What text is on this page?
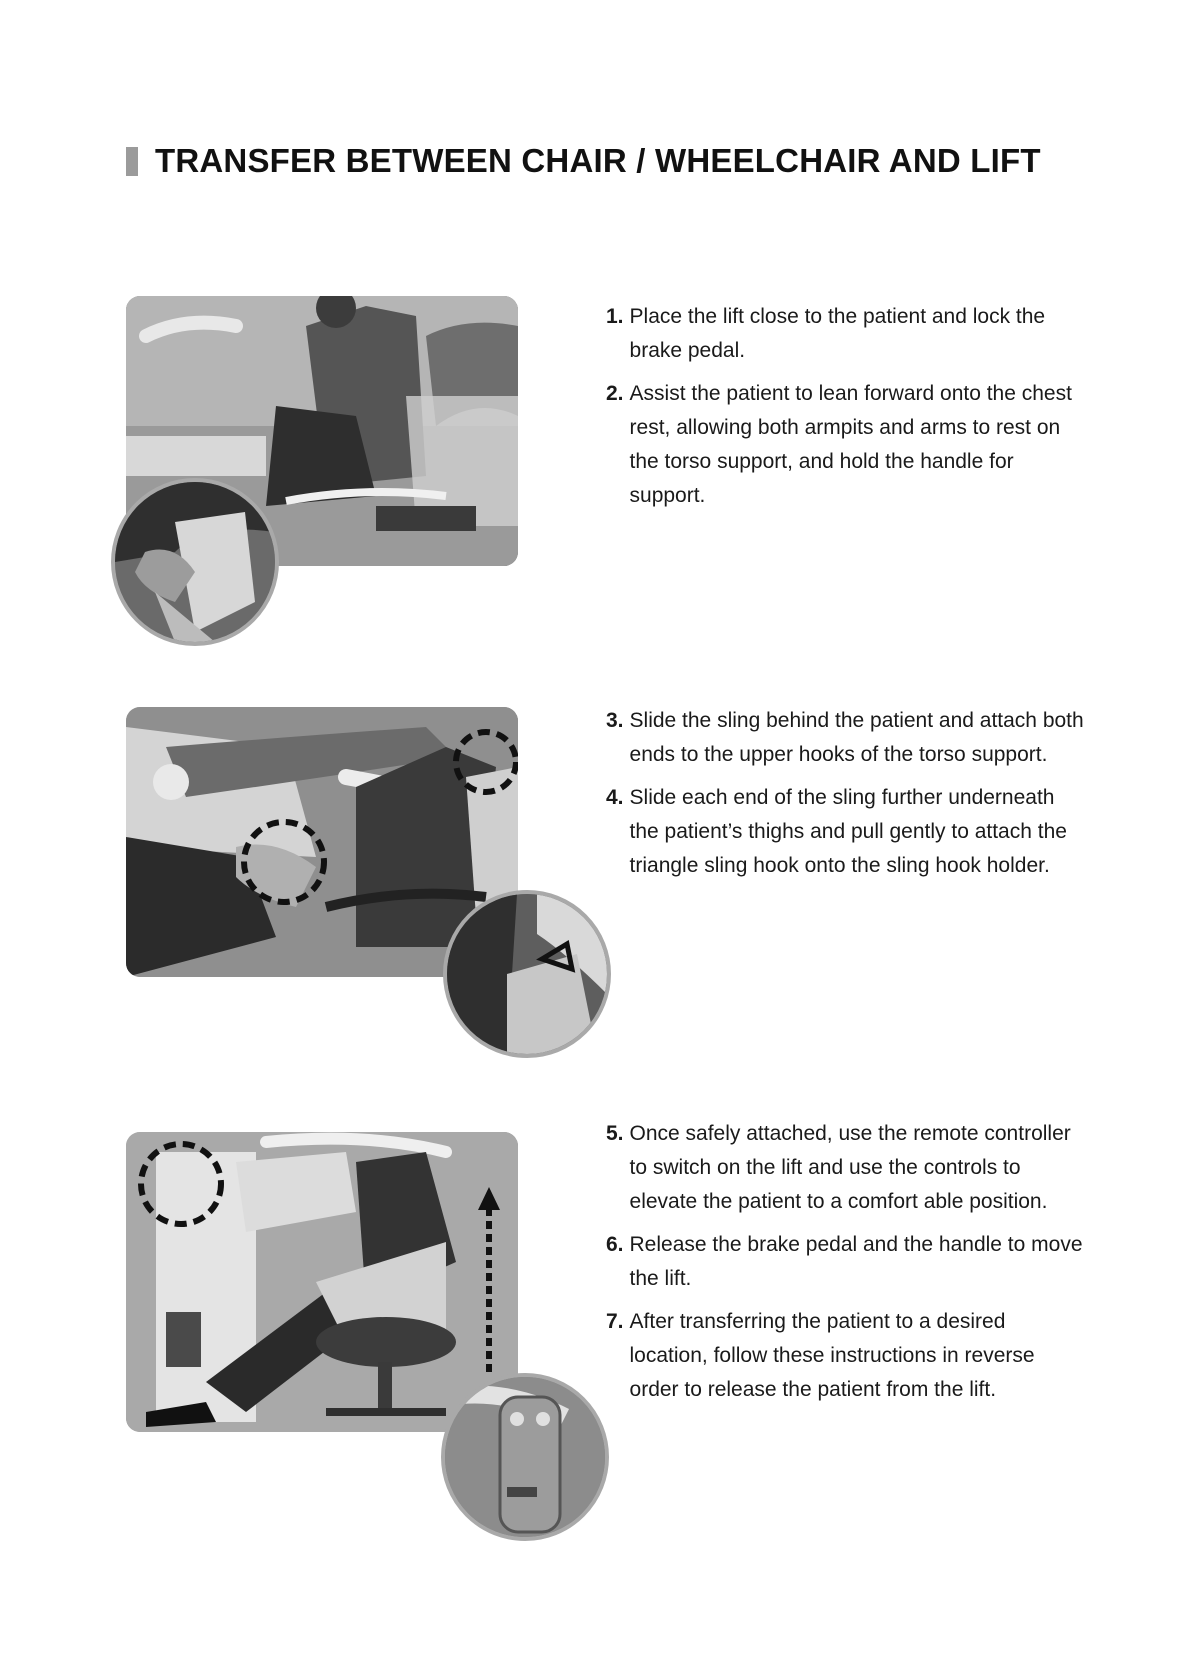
TRANSFER BETWEEN CHAIR / WHEELCHAIR AND LIFT
1. Place the lift close to the patient and lock the brake pedal.
2. Assist the patient to lean forward onto the chest rest, allowing both armpits and arms to rest on the torso support, and hold the handle for support.
3. Slide the sling behind the patient and attach both ends to the upper hooks of the torso support.
4. Slide each end of the sling further underneath the patient’s thighs and pull gently to attach the triangle sling hook onto the sling hook holder.
5. Once safely attached, use the remote controller to switch on the lift and use the controls to elevate the patient to a comfort able position.
6. Release the brake pedal and the handle to move the lift.
7. After transferring the patient to a desired location, follow these instructions in reverse order to release the patient from the lift.
